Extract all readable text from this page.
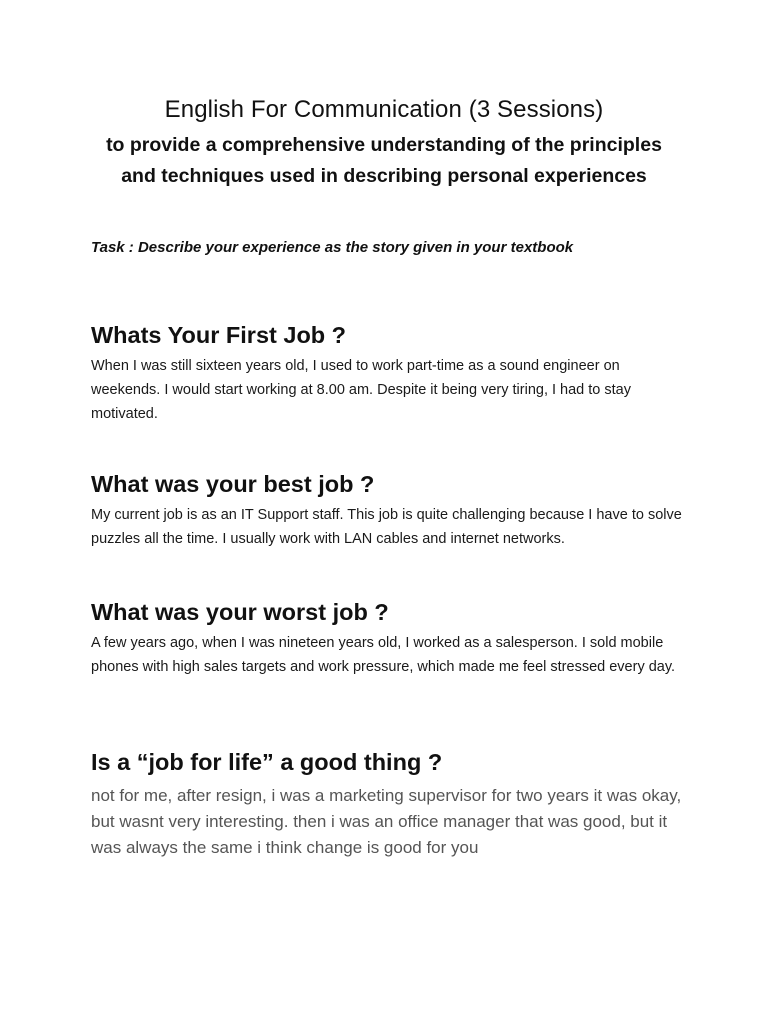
English For Communication (3 Sessions)
to provide a comprehensive understanding of the principles
and techniques used in describing personal experiences
Task : Describe your experience as the story given in your textbook
Whats Your First Job ?

When I was still sixteen years old, I used to work part-time as a sound engineer on weekends. I would start working at 8.00 am. Despite it being very tiring, I had to stay motivated.

What was your best job ?

My current job is as an IT Support staff. This job is quite challenging because I have to solve puzzles all the time. I usually work with LAN cables and internet networks.

What was your worst job ?

A few years ago, when I was nineteen years old, I worked as a salesperson. I sold mobile phones with high sales targets and work pressure, which made me feel stressed every day.

Is a “job for life” a good thing ?

not for me, after resign, i was a marketing supervisor for two years it was okay, but wasnt very interesting. then i was an office manager that was good, but it was always the same i think change is good for you
